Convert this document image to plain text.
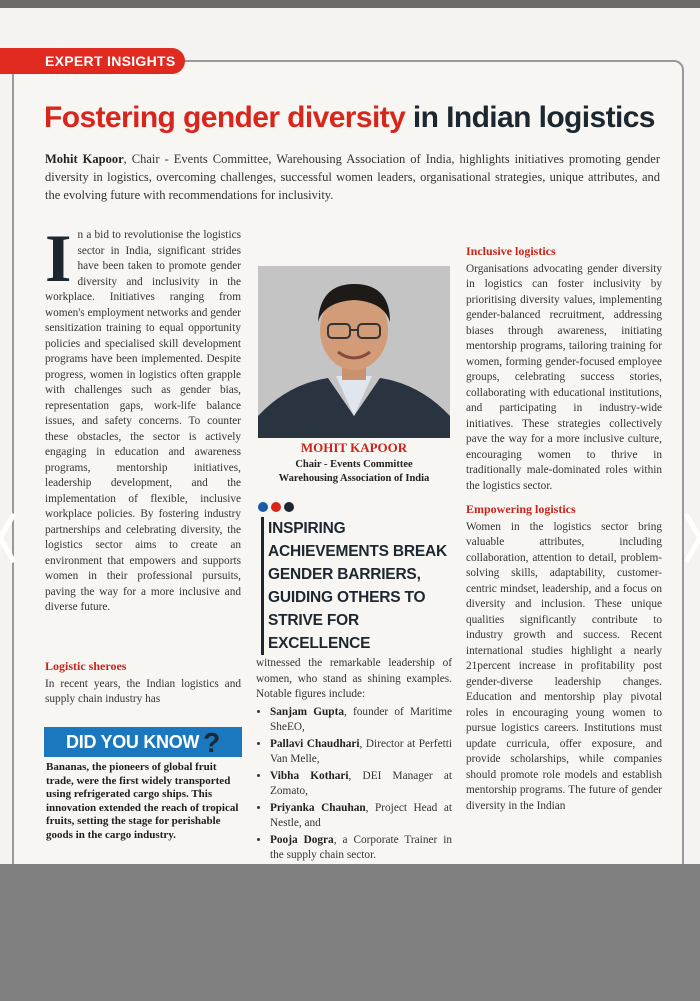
EXPERT INSIGHTS
Fostering gender diversity in Indian logistics
Mohit Kapoor, Chair - Events Committee, Warehousing Association of India, highlights initiatives promoting gender diversity in logistics, overcoming challenges, successful women leaders, organisational strategies, unique attributes, and the evolving future with recommendations for inclusivity.
I n a bid to revolutionise the logistics sector in India, significant strides have been taken to promote gender diversity and inclusivity in the workplace. Initiatives ranging from women's employment networks and gender sensitization training to equal opportunity policies and specialised skill development programs have been implemented. Despite progress, women in logistics often grapple with challenges such as gender bias, representation gaps, work-life balance issues, and safety concerns. To counter these obstacles, the sector is actively engaging in education and awareness programs, mentorship initiatives, leadership development, and the implementation of flexible, inclusive workplace policies. By fostering industry partnerships and celebrating diversity, the logistics sector aims to create an environment that empowers and supports women in their professional pursuits, paving the way for a more inclusive and diverse future.
Logistic sheroes
In recent years, the Indian logistics and supply chain industry has
DID YOU KNOW ?
Bananas, the pioneers of global fruit trade, were the first widely transported using refrigerated cargo ships. This innovation extended the reach of tropical fruits, setting the stage for perishable goods in the cargo industry.
MOHIT KAPOOR
Chair - Events Committee
Warehousing Association of India
INSPIRING ACHIEVEMENTS BREAK GENDER BARRIERS, GUIDING OTHERS TO STRIVE FOR EXCELLENCE
witnessed the remarkable leadership of women, who stand as shining examples. Notable figures include:
• Sanjam Gupta, founder of Maritime SheEO,
• Pallavi Chaudhari, Director at Perfetti Van Melle,
• Vibha Kothari, DEI Manager at Zomato,
• Priyanka Chauhan, Project Head at Nestle, and
• Pooja Dogra, a Corporate Trainer in the supply chain sector.
Inclusive logistics
Organisations advocating gender diversity in logistics can foster inclusivity by prioritising diversity values, implementing gender-balanced recruitment, addressing biases through awareness, initiating mentorship programs, tailoring training for women, forming gender-focused employee groups, celebrating success stories, collaborating with educational institutions, and participating in industry-wide initiatives. These strategies collectively pave the way for a more inclusive culture, encouraging women to thrive in traditionally male-dominated roles within the logistics sector.
Empowering logistics
Women in the logistics sector bring valuable attributes, including collaboration, attention to detail, problem-solving skills, adaptability, customer-centric mindset, leadership, and a focus on diversity and inclusion. These unique qualities significantly contribute to industry growth and success. Recent international studies highlight a nearly 21percent increase in profitability post gender-diverse leadership changes. Education and mentorship play pivotal roles in encouraging young women to pursue logistics careers. Institutions must update curricula, offer exposure, and provide scholarships, while companies should promote role models and establish mentorship programs. The future of gender diversity in the Indian
